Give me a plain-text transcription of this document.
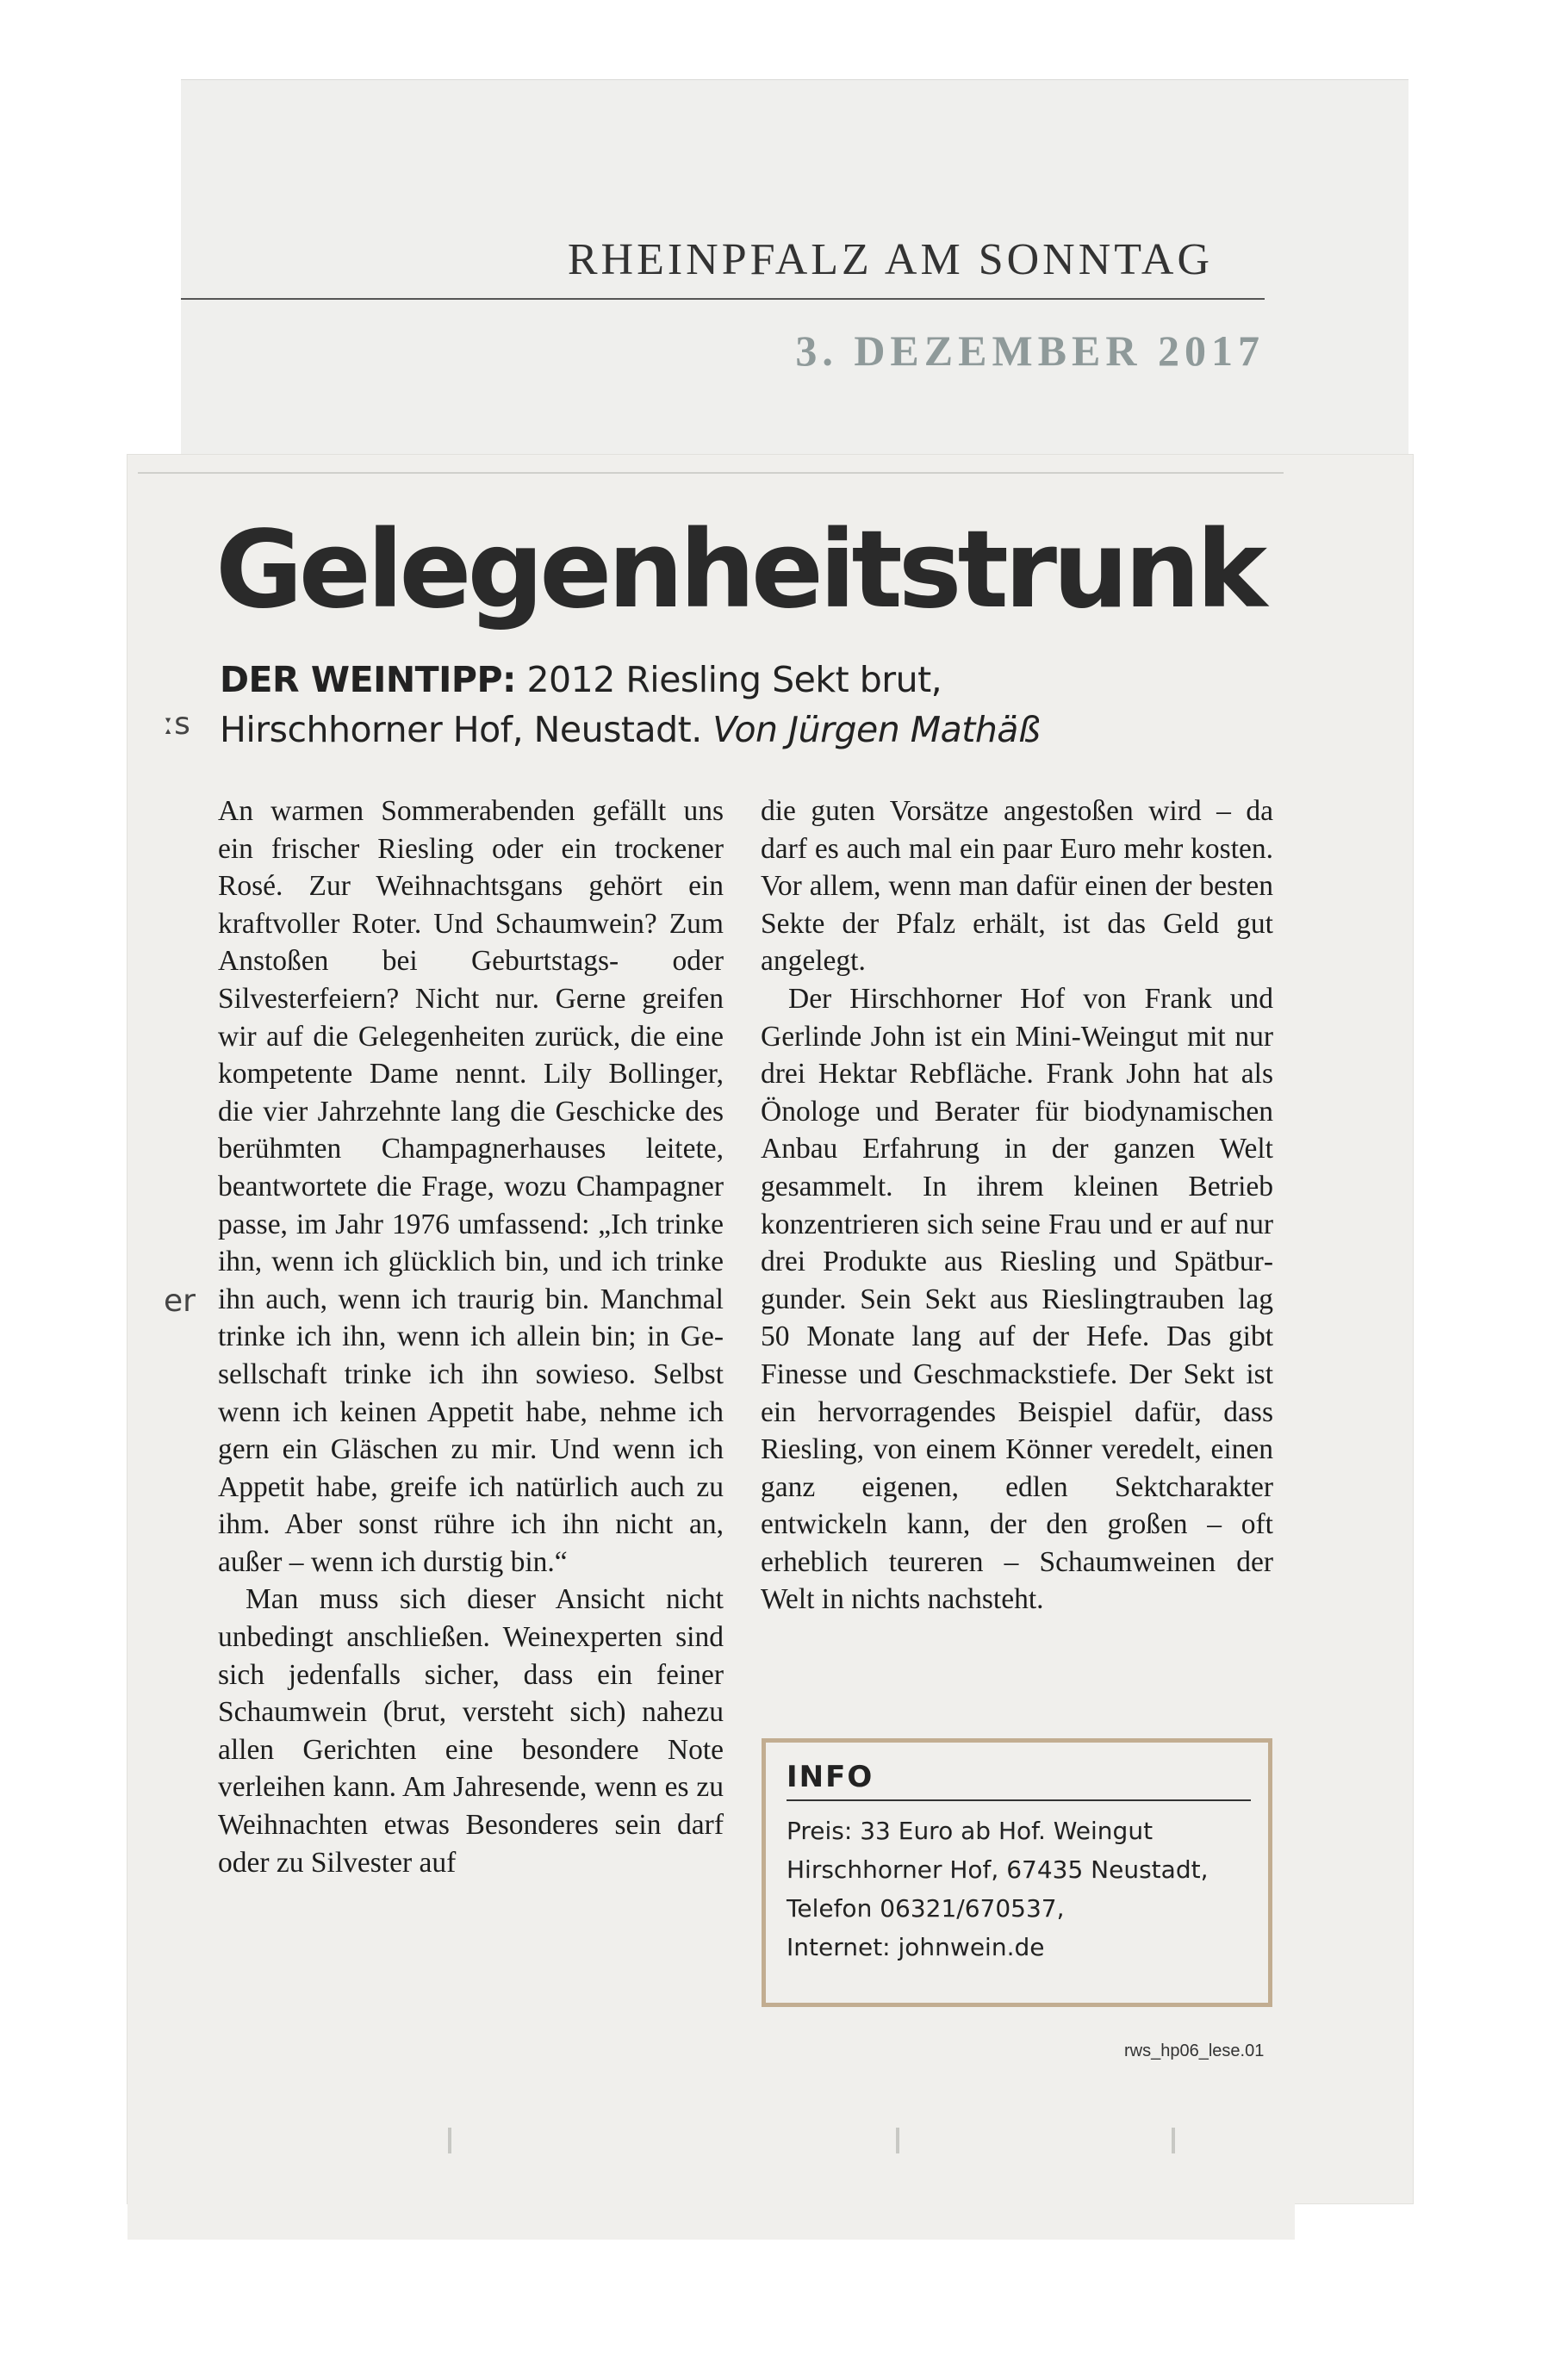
RHEINPFALZ AM SONNTAG
3. DEZEMBER 2017
Gelegenheitstrunk
DER WEINTIPP: 2012 Riesling Sekt brut,
Hirschhorner Hof, Neustadt. Von Jürgen Mathäß
ːs
er

An warmen Sommerabenden gefällt uns ein frischer Riesling oder ein trockener Rosé. Zur Weihnachtsgans gehört ein kraftvoller Roter. Und Schaumwein? Zum Anstoßen bei Geburtstags- oder Silvesterfeiern? Nicht nur. Gerne greifen wir auf die Gelegenheiten zurück, die eine kompetente Dame nennt. Lily Bollinger, die vier Jahrzehnte lang die Geschicke des berühmten Champagnerhauses leitete, beantwortete die Frage, wozu Champagner passe, im Jahr 1976 umfassend: „Ich trinke ihn, wenn ich glücklich bin, und ich trinke ihn auch, wenn ich traurig bin. Manchmal trinke ich ihn, wenn ich allein bin; in Gesellschaft trinke ich ihn sowieso. Selbst wenn ich keinen Appetit habe, nehme ich gern ein Gläschen zu mir. Und wenn ich Appetit habe, greife ich natürlich auch zu ihm. Aber sonst rühre ich ihn nicht an, außer – wenn ich durstig bin.“

Man muss sich dieser Ansicht nicht unbedingt anschließen. Weinexperten sind sich jedenfalls sicher, dass ein feiner Schaumwein (brut, versteht sich) nahezu allen Gerichten eine besondere Note verleihen kann. Am Jahresende, wenn es zu Weihnachten etwas Besonderes sein darf oder zu Silvester auf

die guten Vorsätze angestoßen wird – da darf es auch mal ein paar Euro mehr kosten. Vor allem, wenn man dafür einen der besten Sekte der Pfalz erhält, ist das Geld gut angelegt.

Der Hirschhorner Hof von Frank und Gerlinde John ist ein Mini-Weingut mit nur drei Hektar Rebfläche. Frank John hat als Önologe und Berater für biodynamischen Anbau Erfahrung in der ganzen Welt gesammelt. In ihrem kleinen Betrieb konzentrieren sich seine Frau und er auf nur drei Produkte aus Riesling und Spätburgunder. Sein Sekt aus Rieslingtrauben lag 50 Monate lang auf der Hefe. Das gibt Finesse und Geschmackstiefe. Der Sekt ist ein hervorragendes Beispiel dafür, dass Riesling, von einem Könner veredelt, einen ganz eigenen, edlen Sektcharakter entwickeln kann, der den großen – oft erheblich teureren – Schaumweinen der Welt in nichts nachsteht.

INFO
Preis: 33 Euro ab Hof. Weingut
Hirschhorner Hof, 67435 Neustadt,
Telefon 06321/670537,
Internet: johnwein.de
rws_hp06_lese.01
